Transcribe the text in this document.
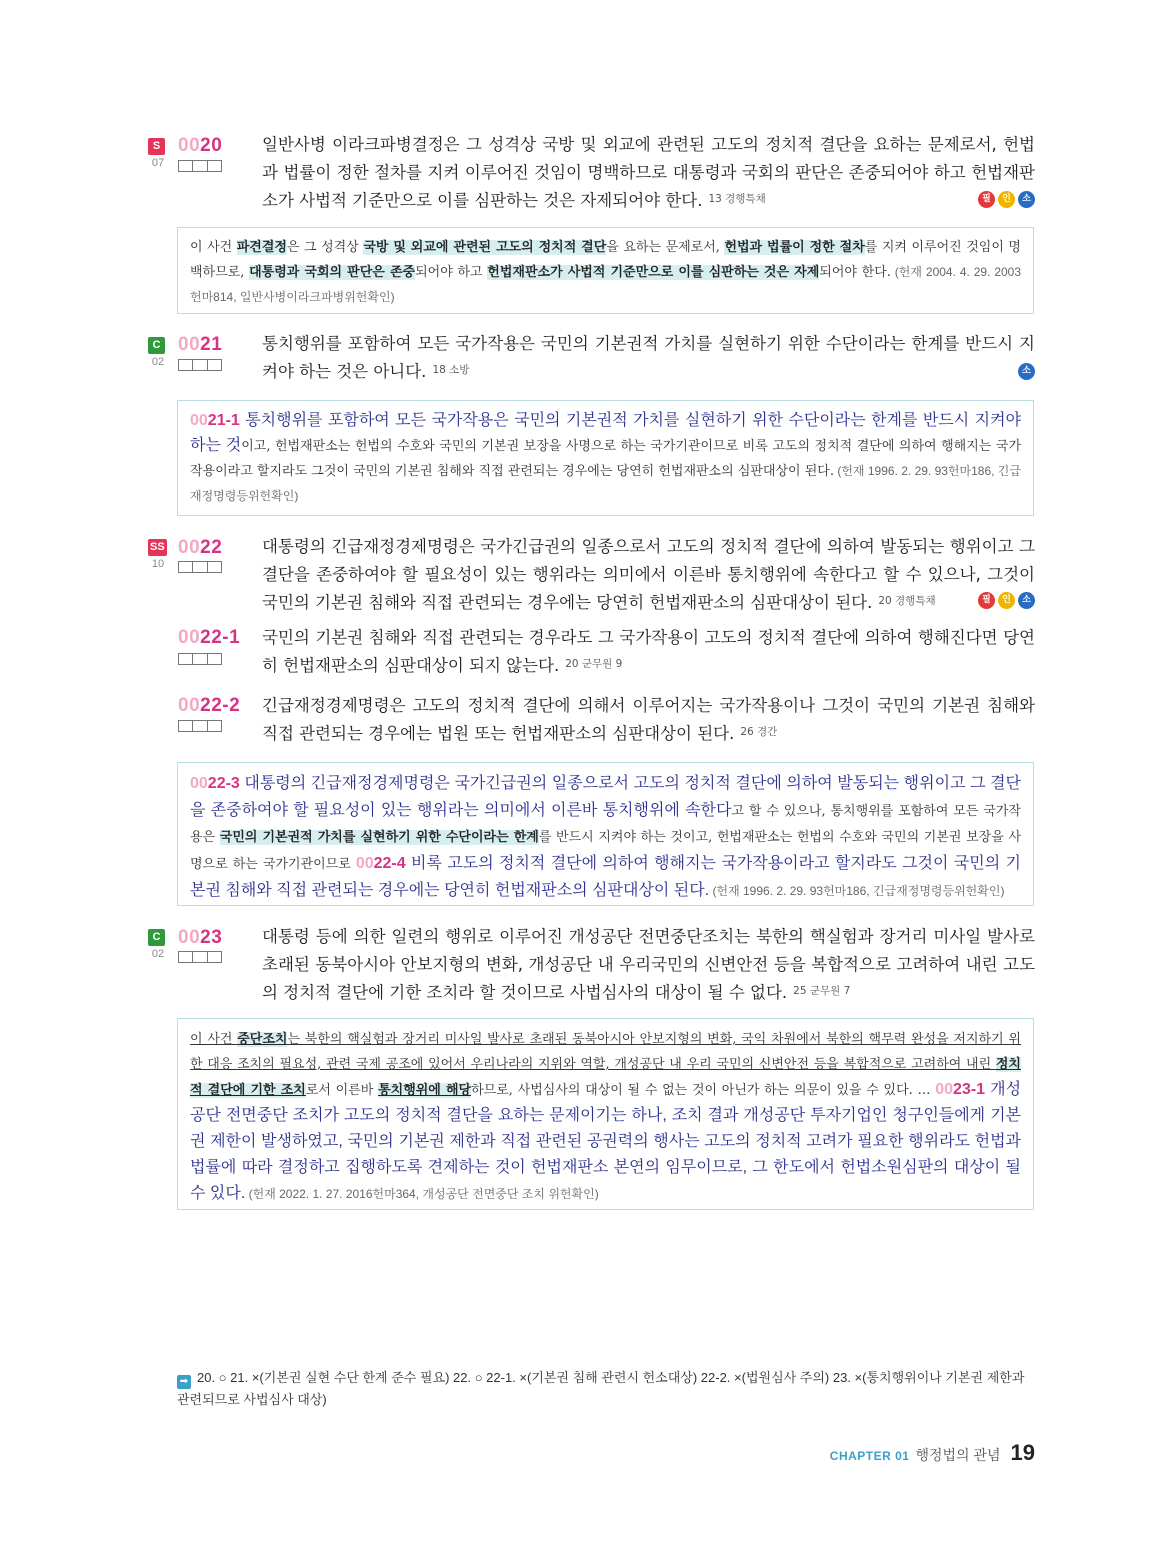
S
07
0020 일반사병 이라크파병결정은 그 성격상 국방 및 외교에 관련된 고도의 정치적 결단을 요하는 문제로서, 헌법과 법률이 정한 절차를 지켜 이루어진 것임이 명백하므로 대통령과 국회의 판단은 존중되어야 하고 헌법재판소가 사법적 기준만으로 이를 심판하는 것은 자제되어야 한다. $^{13 경행특채}$	필	인	소
이 사건 파견결정은 그 성격상 국방 및 외교에 관련된 고도의 정치적 결단을 요하는 문제로서, 헌법과 법률이 정한 절차를 지켜 이루어진 것임이 명백하므로, 대통령과 국회의 판단은 존중되어야 하고 헌법재판소가 사법적 기준만으로 이를 심판하는 것은 자제되어야 한다. (헌재 2004. 4. 29. 2003헌마814, 일반사병이라크파병위헌확인)
C
02
0021 통치행위를 포함하여 모든 국가작용은 국민의 기본권적 가치를 실현하기 위한 수단이라는 한계를 반드시 지켜야 하는 것은 아니다. $^{18 소방}$	소
0021-1 통치행위를 포함하여 모든 국가작용은 국민의 기본권적 가치를 실현하기 위한 수단이라는 한계를 반드시 지켜야 하는 것이고, 헌법재판소는 헌법의 수호와 국민의 기본권 보장을 사명으로 하는 국가기관이므로 비록 고도의 정치적 결단에 의하여 행해지는 국가작용이라고 할지라도 그것이 국민의 기본권 침해와 직접 관련되는 경우에는 당연히 헌법재판소의 심판대상이 된다. (헌재 1996. 2. 29. 93헌마186, 긴급재정명령등위헌확인)
SS
10
0022 대통령의 긴급재정경제명령은 국가긴급권의 일종으로서 고도의 정치적 결단에 의하여 발동되는 행위이고 그 결단을 존중하여야 할 필요성이 있는 행위라는 의미에서 이른바 통치행위에 속한다고 할 수 있으나, 그것이 국민의 기본권 침해와 직접 관련되는 경우에는 당연히 헌법재판소의 심판대상이 된다. $^{20 경행특채}$	필	인	소
0022-1 국민의 기본권 침해와 직접 관련되는 경우라도 그 국가작용이 고도의 정치적 결단에 의하여 행해진다면 당연히 헌법재판소의 심판대상이 되지 않는다. $^{20 군무원 9}$
0022-2 긴급재정경제명령은 고도의 정치적 결단에 의해서 이루어지는 국가작용이나 그것이 국민의 기본권 침해와 직접 관련되는 경우에는 법원 또는 헌법재판소의 심판대상이 된다. $^{26 경간}$
0022-3 대통령의 긴급재정경제명령은 국가긴급권의 일종으로서 고도의 정치적 결단에 의하여 발동되는 행위이고 그 결단을 존중하여야 할 필요성이 있는 행위라는 의미에서 이른바 통치행위에 속한다고 할 수 있으나, 통치행위를 포함하여 모든 국가작용은 국민의 기본권적 가치를 실현하기 위한 수단이라는 한계를 반드시 지켜야 하는 것이고, 헌법재판소는 헌법의 수호와 국민의 기본권 보장을 사명으로 하는 국가기관이므로 0022-4 비록 고도의 정치적 결단에 의하여 행해지는 국가작용이라고 할지라도 그것이 국민의 기본권 침해와 직접 관련되는 경우에는 당연히 헌법재판소의 심판대상이 된다. (헌재 1996. 2. 29. 93헌마186, 긴급재정명령등위헌확인)
C
02
0023 대통령 등에 의한 일련의 행위로 이루어진 개성공단 전면중단조치는 북한의 핵실험과 장거리 미사일 발사로 초래된 동북아시아 안보지형의 변화, 개성공단 내 우리국민의 신변안전 등을 복합적으로 고려하여 내린 고도의 정치적 결단에 기한 조치라 할 것이므로 사법심사의 대상이 될 수 없다. $^{25 군무원 7}$
이 사건 중단조치는 북한의 핵실험과 장거리 미사일 발사로 초래된 동북아시아 안보지형의 변화, 국익 차원에서 북한의 핵무력 완성을 저지하기 위한 대응 조치의 필요성, 관련 국제 공조에 있어서 우리나라의 지위와 역할, 개성공단 내 우리 국민의 신변안전 등을 복합적으로 고려하여 내린 정치적 결단에 기한 조치로서 이른바 통치행위에 해당하므로, 사법심사의 대상이 될 수 없는 것이 아닌가 하는 의문이 있을 수 있다. … 0023-1 개성공단 전면중단 조치가 고도의 정치적 결단을 요하는 문제이기는 하나, 조치 결과 개성공단 투자기업인 청구인들에게 기본권 제한이 발생하였고, 국민의 기본권 제한과 직접 관련된 공권력의 행사는 고도의 정치적 고려가 필요한 행위라도 헌법과 법률에 따라 결정하고 집행하도록 견제하는 것이 헌법재판소 본연의 임무이므로, 그 한도에서 헌법소원심판의 대상이 될 수 있다. (헌재 2022. 1. 27. 2016헌마364, 개성공단 전면중단 조치 위헌확인)
➡ 20. ○ 21. ×(기본권 실현 수단 한계 준수 필요) 22. ○ 22-1. ×(기본권 침해 관련시 헌소대상) 22-2. ×(법원심사 주의) 23. ×(통치행위이나 기본권 제한과 관련되므로 사법심사 대상)
CHAPTER 01 행정법의 관념 19
